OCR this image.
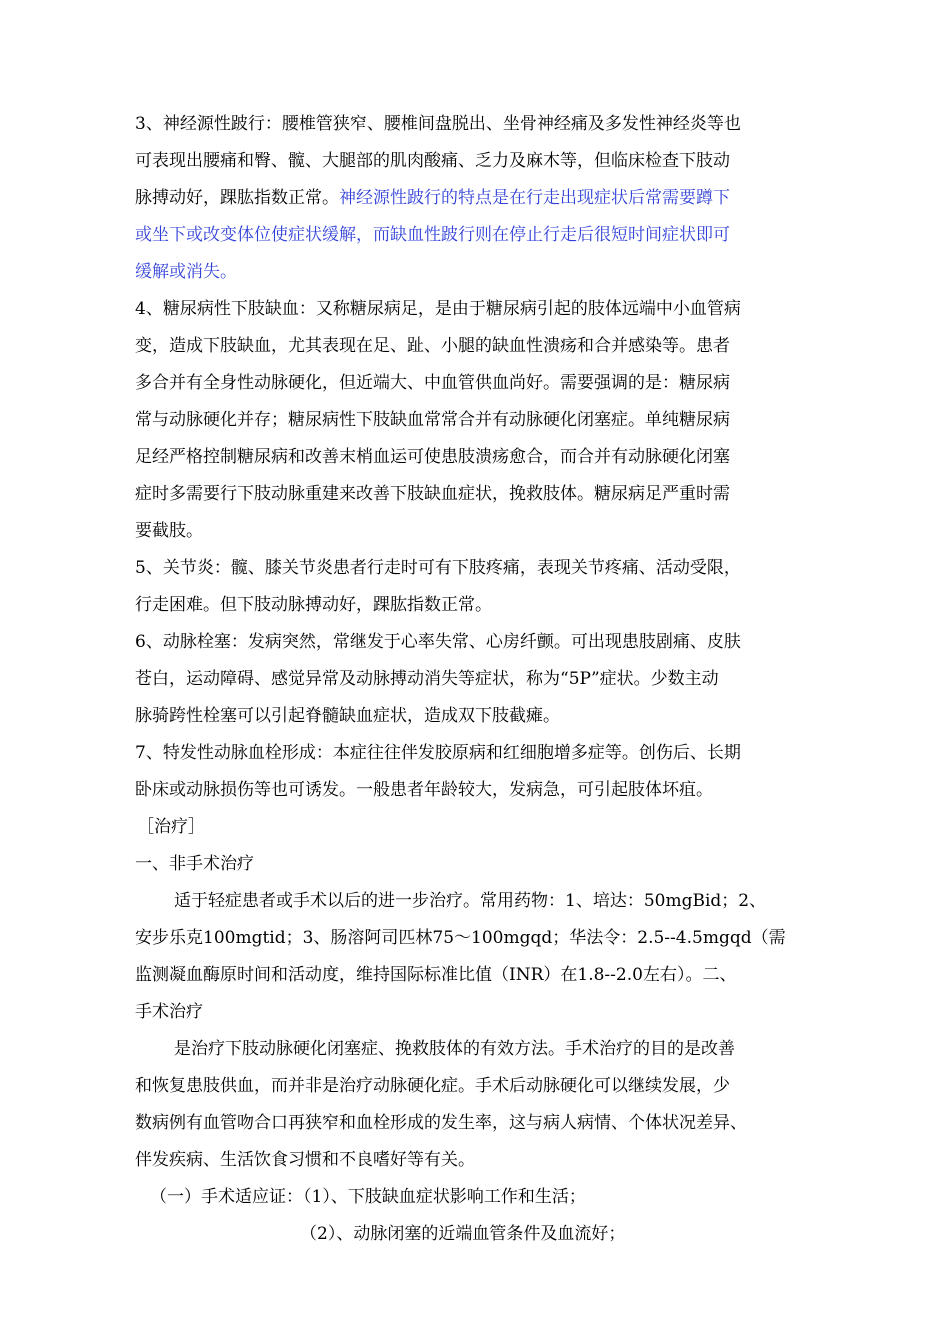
3、神经源性跛行：腰椎管狭窄、腰椎间盘脱出、坐骨神经痛及多发性神经炎等也
可表现出腰痛和臀、髋、大腿部的肌肉酸痛、乏力及麻木等，但临床检查下肢动
脉搏动好，踝肱指数正常。神经源性跛行的特点是在行走出现症状后常需要蹲下
或坐下或改变体位使症状缓解，而缺血性跛行则在停止行走后很短时间症状即可
缓解或消失。
4、糖尿病性下肢缺血：又称糖尿病足，是由于糖尿病引起的肢体远端中小血管病
变，造成下肢缺血，尤其表现在足、趾、小腿的缺血性溃疡和合并感染等。患者
多合并有全身性动脉硬化，但近端大、中血管供血尚好。需要强调的是：糖尿病
常与动脉硬化并存；糖尿病性下肢缺血常常合并有动脉硬化闭塞症。单纯糖尿病
足经严格控制糖尿病和改善末梢血运可使患肢溃疡愈合，而合并有动脉硬化闭塞
症时多需要行下肢动脉重建来改善下肢缺血症状，挽救肢体。糖尿病足严重时需
要截肢。
5、关节炎：髋、膝关节炎患者行走时可有下肢疼痛，表现关节疼痛、活动受限，
行走困难。但下肢动脉搏动好，踝肱指数正常。
6、动脉栓塞：发病突然，常继发于心率失常、心房纤颤。可出现患肢剧痛、皮肤
苍白，运动障碍、感觉异常及动脉搏动消失等症状，称为“5P”症状。少数主动
脉骑跨性栓塞可以引起脊髓缺血症状，造成双下肢截瘫。
7、特发性动脉血栓形成：本症往往伴发胶原病和红细胞增多症等。创伤后、长期
卧床或动脉损伤等也可诱发。一般患者年龄较大，发病急，可引起肢体坏疽。
［治疗］
一、非手术治疗
适于轻症患者或手术以后的进一步治疗。常用药物：1、培达：50mgBid；2、
安步乐克100mgtid；3、肠溶阿司匹林75～100mgqd；华法令：2.5--4.5mgqd（需
监测凝血酶原时间和活动度，维持国际标准比值（INR）在1.8--2.0左右）。二、
手术治疗
是治疗下肢动脉硬化闭塞症、挽救肢体的有效方法。手术治疗的目的是改善
和恢复患肢供血，而并非是治疗动脉硬化症。手术后动脉硬化可以继续发展，少
数病例有血管吻合口再狭窄和血栓形成的发生率，这与病人病情、个体状况差异、
伴发疾病、生活饮食习惯和不良嗜好等有关。
（一）手术适应证：（1）、下肢缺血症状影响工作和生活；
（2）、动脉闭塞的近端血管条件及血流好；
